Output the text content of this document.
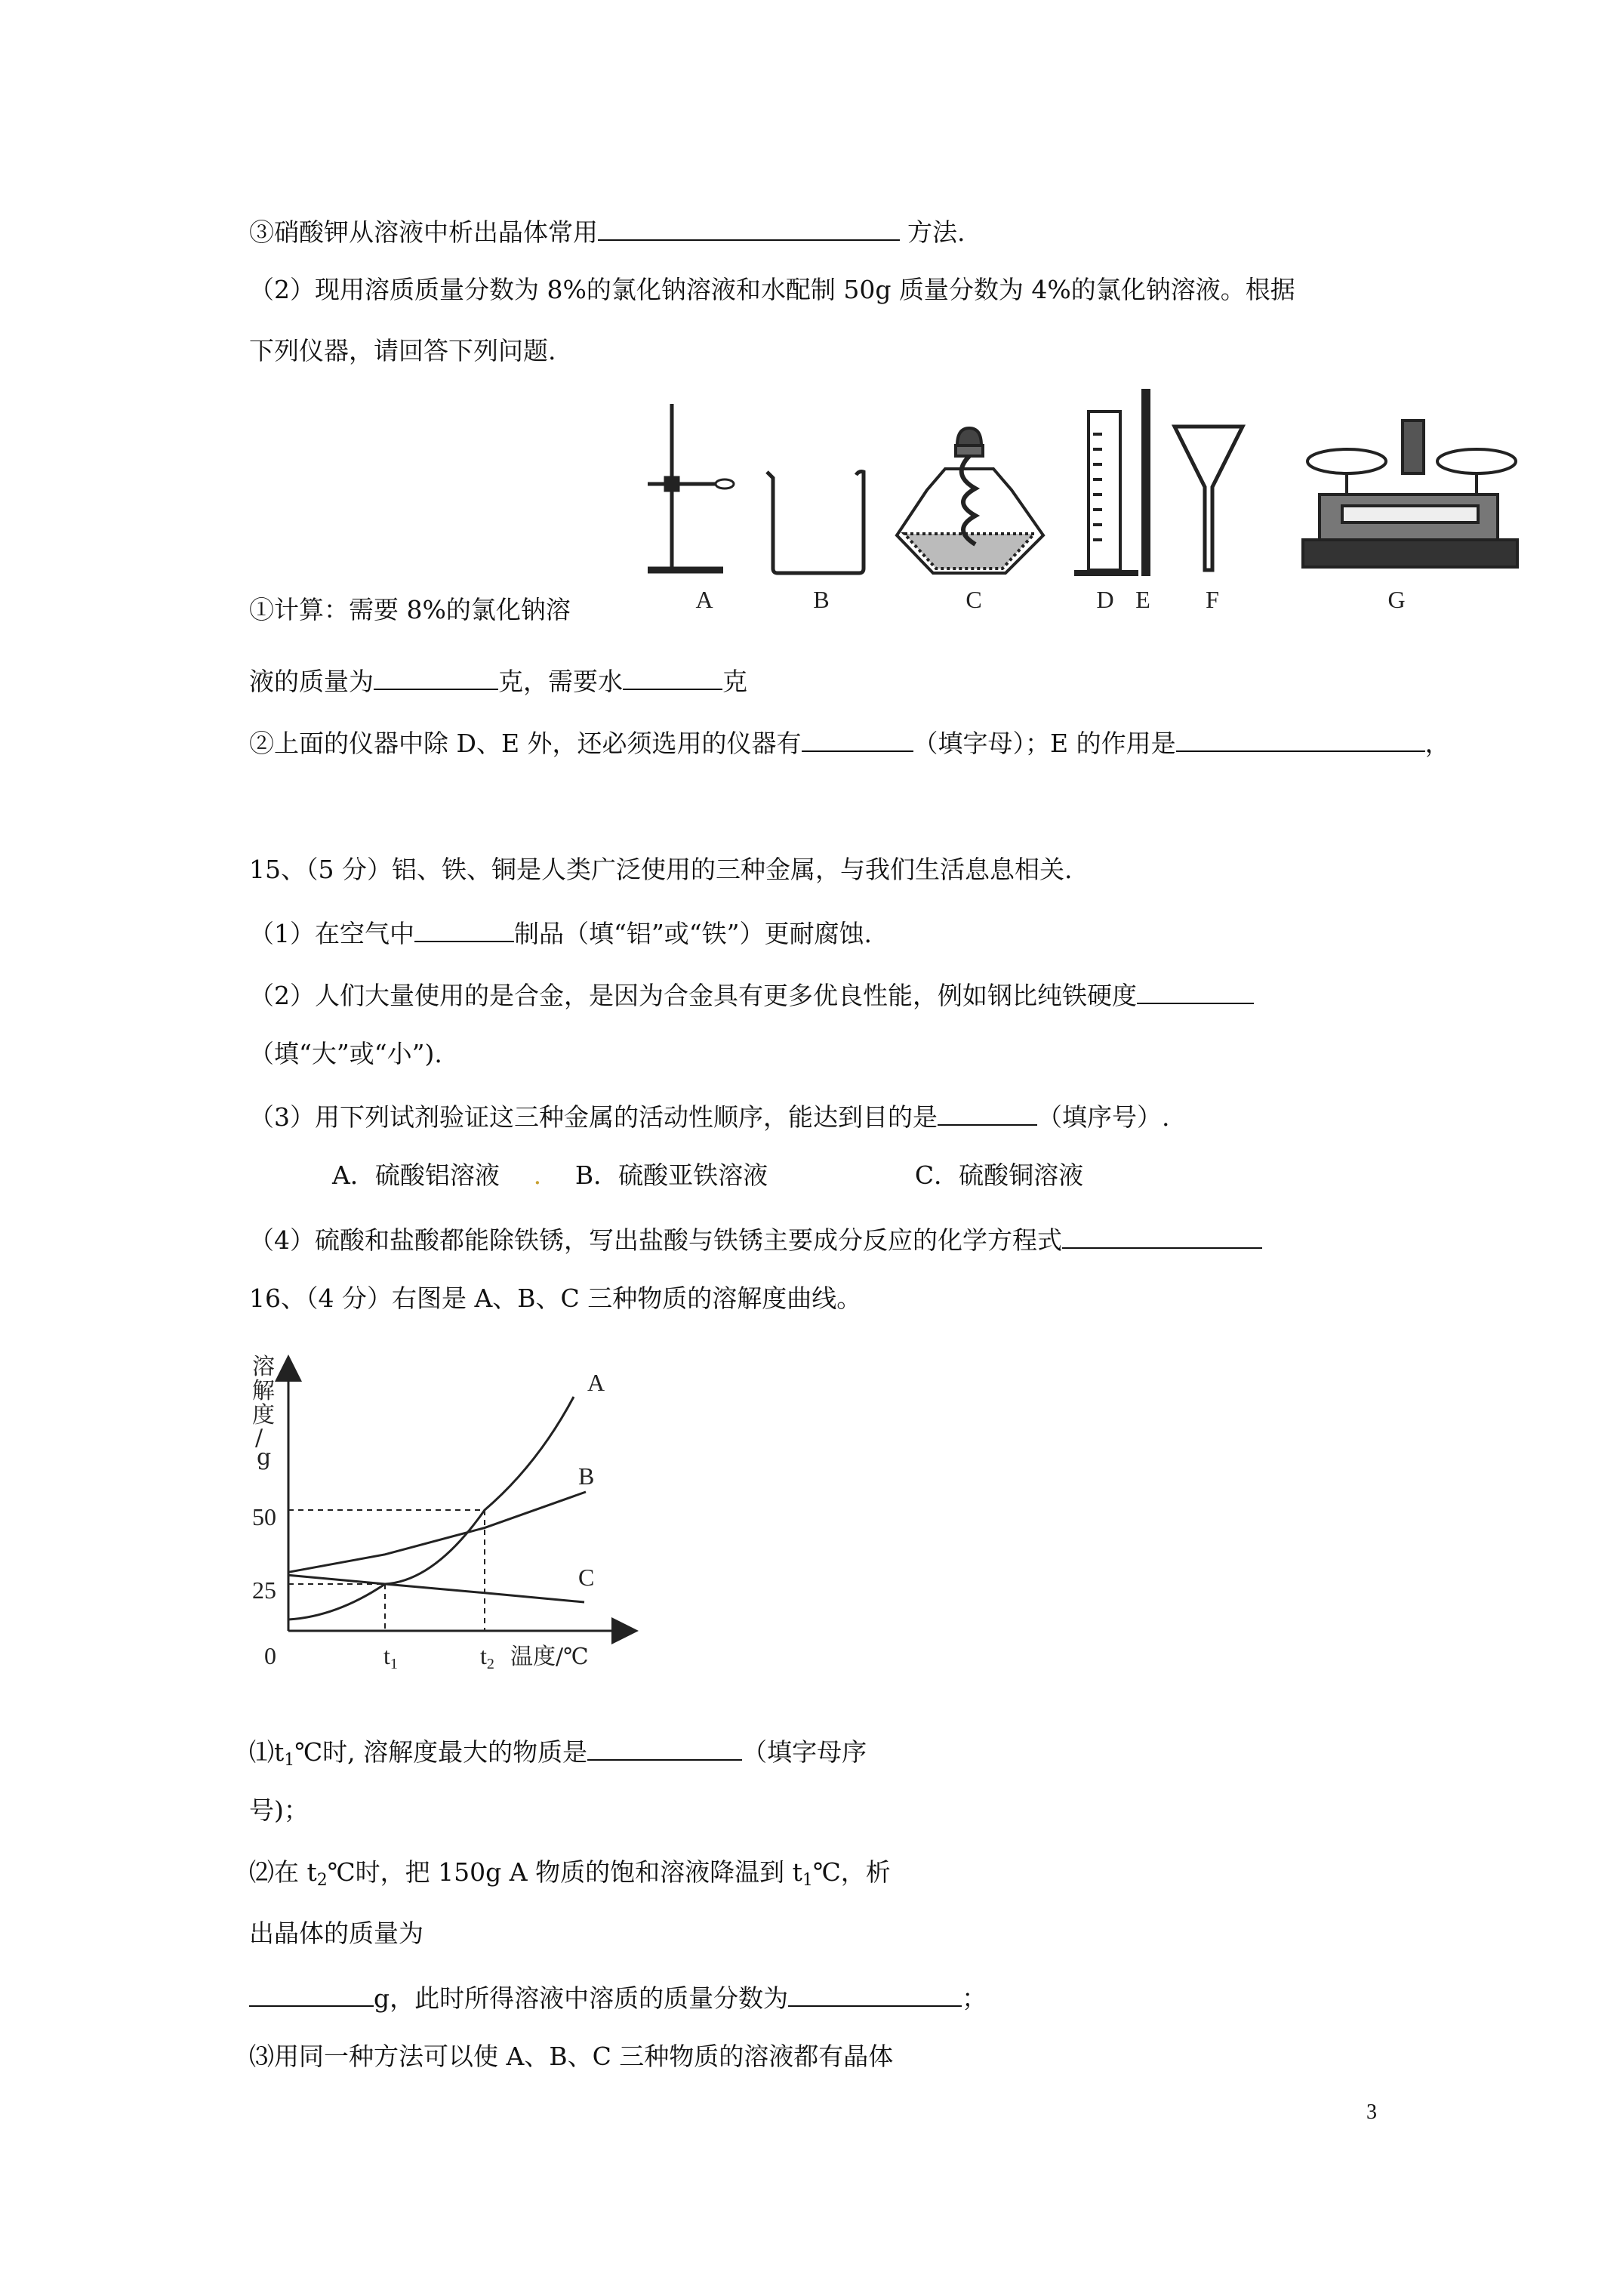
③硝酸钾从溶液中析出晶体常用	方法.
（2）现用溶质质量分数为 8%的氯化钠溶液和水配制 50g 质量分数为 4%的氯化钠溶液。根据
下列仪器，请回答下列问题.
A	B	C	D E F	G
①计算：需要 8%的氯化钠溶
液的质量为	克，需要水	克
②上面的仪器中除 D、E 外，还必须选用的仪器有	（填字母）；E 的作用是	，
15、（5 分）铝、铁、铜是人类广泛使用的三种金属，与我们生活息息相关.
（1）在空气中	制品（填“铝”或“铁”）更耐腐蚀.
（2）人们大量使用的是合金，是因为合金具有更多优良性能，例如钢比纯铁硬度
（填“大”或“小”).
（3）用下列试剂验证这三种金属的活动性顺序，能达到目的是	（填序号）.
A．硫酸铝溶液 . B．硫酸亚铁溶液	C．硫酸铜溶液
（4）硫酸和盐酸都能除铁锈，写出盐酸与铁锈主要成分反应的化学方程式
16、（4 分）右图是 A、B、C 三种物质的溶解度曲线。
溶
解
度
/
g
50
25
0	t1	t2 温度/℃
A
B
C
$⑴t_1℃$时, 溶解度最大的物质是	（填字母序
号)；
⑵在 $t_2℃$时，把 150g A 物质的饱和溶液降温到 $t_1℃$，析
出晶体的质量为
g，此时所得溶液中溶质的质量分数为	；
⑶用同一种方法可以使 A、B、C 三种物质的溶液都有晶体
3
